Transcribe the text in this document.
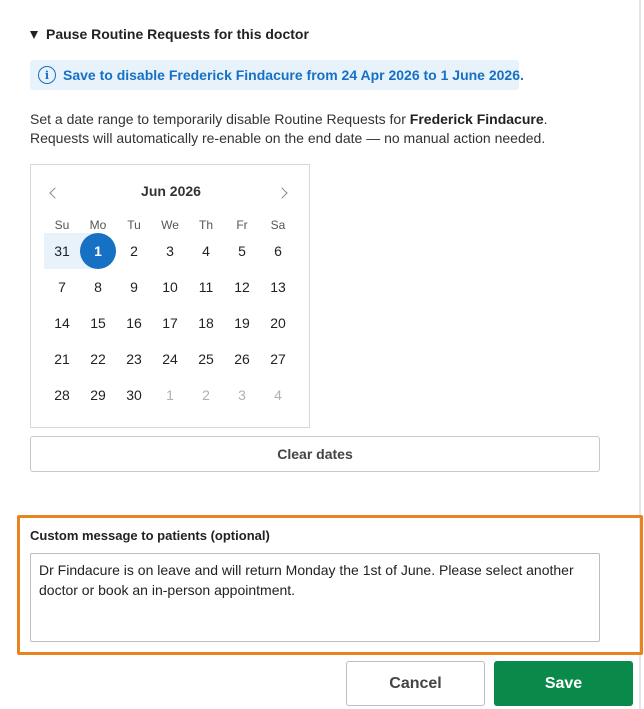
Pause Routine Requests for this doctor
i Save to disable Frederick Findacure from 24 Apr 2026 to 1 June 2026.
Set a date range to temporarily disable Routine Requests for Frederick Findacure.
Requests will automatically re-enable on the end date — no manual action needed.
Jun 2026
Su	Mo	Tu	We	Th	Fr	Sa
31	1	2 3 4 5 6
7 8 9 10 11 12 13
14 15 16 17 18 19 20
21 22 23 24 25 26 27
28 29 30 1 2 3 4
Clear dates
Custom message to patients (optional)
Dr Findacure is on leave and will return Monday the 1st of June. Please select another doctor or book an in-person appointment.
Cancel	Save
